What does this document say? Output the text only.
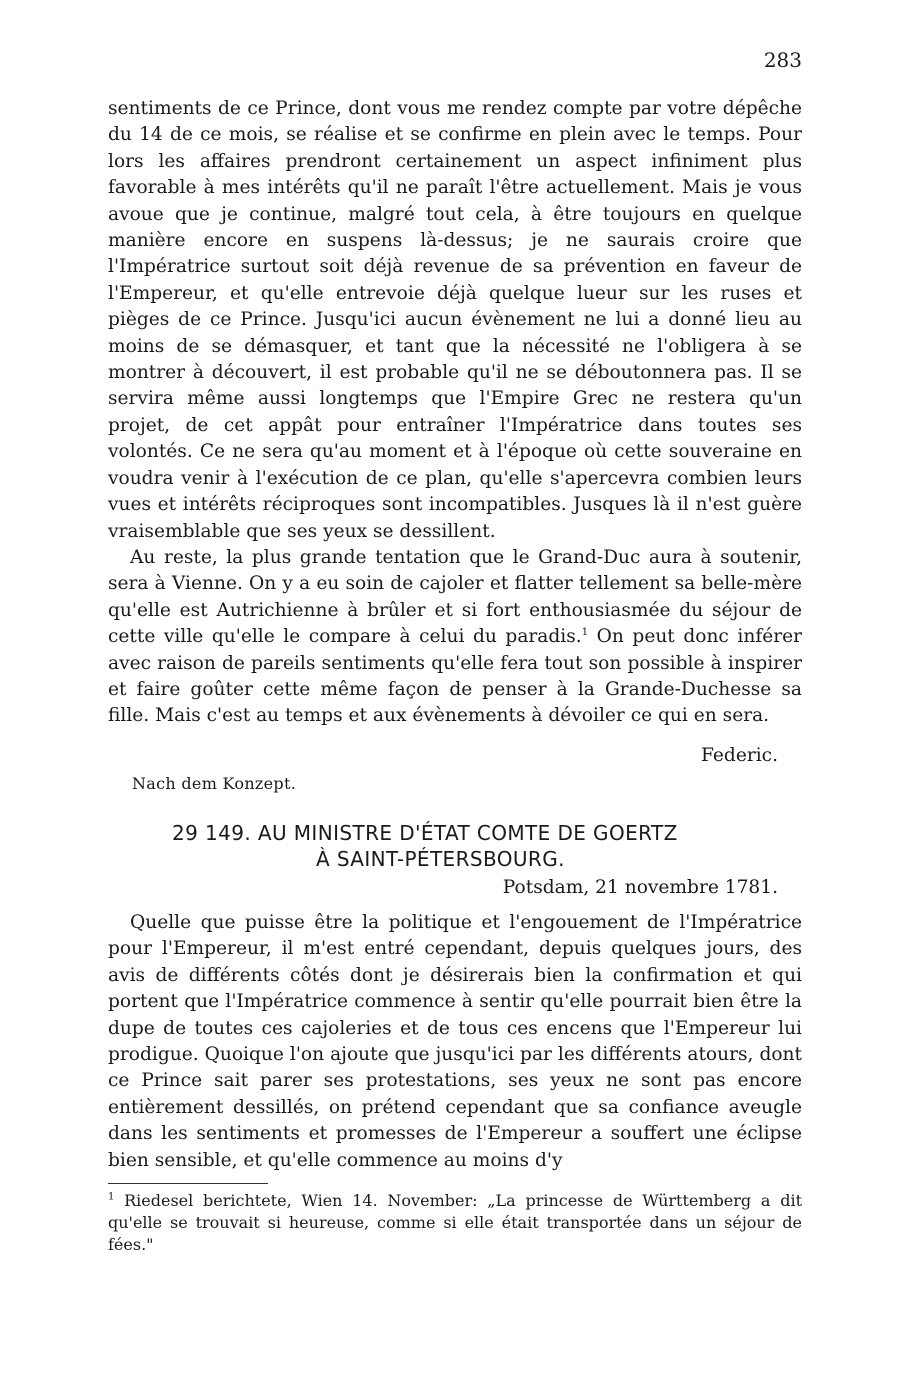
283

sentiments de ce Prince, dont vous me rendez compte par votre dépêche du 14 de ce mois, se réalise et se confirme en plein avec le temps. Pour lors les affaires prendront certainement un aspect infiniment plus favorable à mes intérêts qu'il ne paraît l'être actuellement. Mais je vous avoue que je continue, malgré tout cela, à être toujours en quelque manière encore en suspens là-dessus; je ne saurais croire que l'Impératrice surtout soit déjà revenue de sa prévention en faveur de l'Empereur, et qu'elle entrevoie déjà quelque lueur sur les ruses et pièges de ce Prince. Jusqu'ici aucun évènement ne lui a donné lieu au moins de se démasquer, et tant que la nécessité ne l'obligera à se montrer à découvert, il est probable qu'il ne se déboutonnera pas. Il se servira même aussi longtemps que l'Empire Grec ne restera qu'un projet, de cet appât pour entraîner l'Impératrice dans toutes ses volontés. Ce ne sera qu'au moment et à l'époque où cette souveraine en voudra venir à l'exécution de ce plan, qu'elle s'apercevra combien leurs vues et intérêts réciproques sont incompatibles. Jusques là il n'est guère vraisemblable que ses yeux se dessillent.

Au reste, la plus grande tentation que le Grand-Duc aura à soutenir, sera à Vienne. On y a eu soin de cajoler et flatter tellement sa belle-mère qu'elle est Autrichienne à brûler et si fort enthousiasmée du séjour de cette ville qu'elle le compare à celui du paradis.$^1$ On peut donc inférer avec raison de pareils sentiments qu'elle fera tout son possible à inspirer et faire goûter cette même façon de penser à la Grande-Duchesse sa fille. Mais c'est au temps et aux évènements à dévoiler ce qui en sera.

Federic.
Nach dem Konzept.
29 149. AU MINISTRE D'ÉTAT COMTE DE GOERTZ
À SAINT-PÉTERSBOURG.
Potsdam, 21 novembre 1781.

Quelle que puisse être la politique et l'engouement de l'Impératrice pour l'Empereur, il m'est entré cependant, depuis quelques jours, des avis de différents côtés dont je désirerais bien la confirmation et qui portent que l'Impératrice commence à sentir qu'elle pourrait bien être la dupe de toutes ces cajoleries et de tous ces encens que l'Empereur lui prodigue. Quoique l'on ajoute que jusqu'ici par les différents atours, dont ce Prince sait parer ses protestations, ses yeux ne sont pas encore entièrement dessillés, on prétend cependant que sa confiance aveugle dans les sentiments et promesses de l'Empereur a souffert une éclipse bien sensible, et qu'elle commence au moins d'y

$^1$ Riedesel berichtete, Wien 14. November: „La princesse de Württemberg a dit qu'elle se trouvait si heureuse, comme si elle était transportée dans un séjour de fées."
